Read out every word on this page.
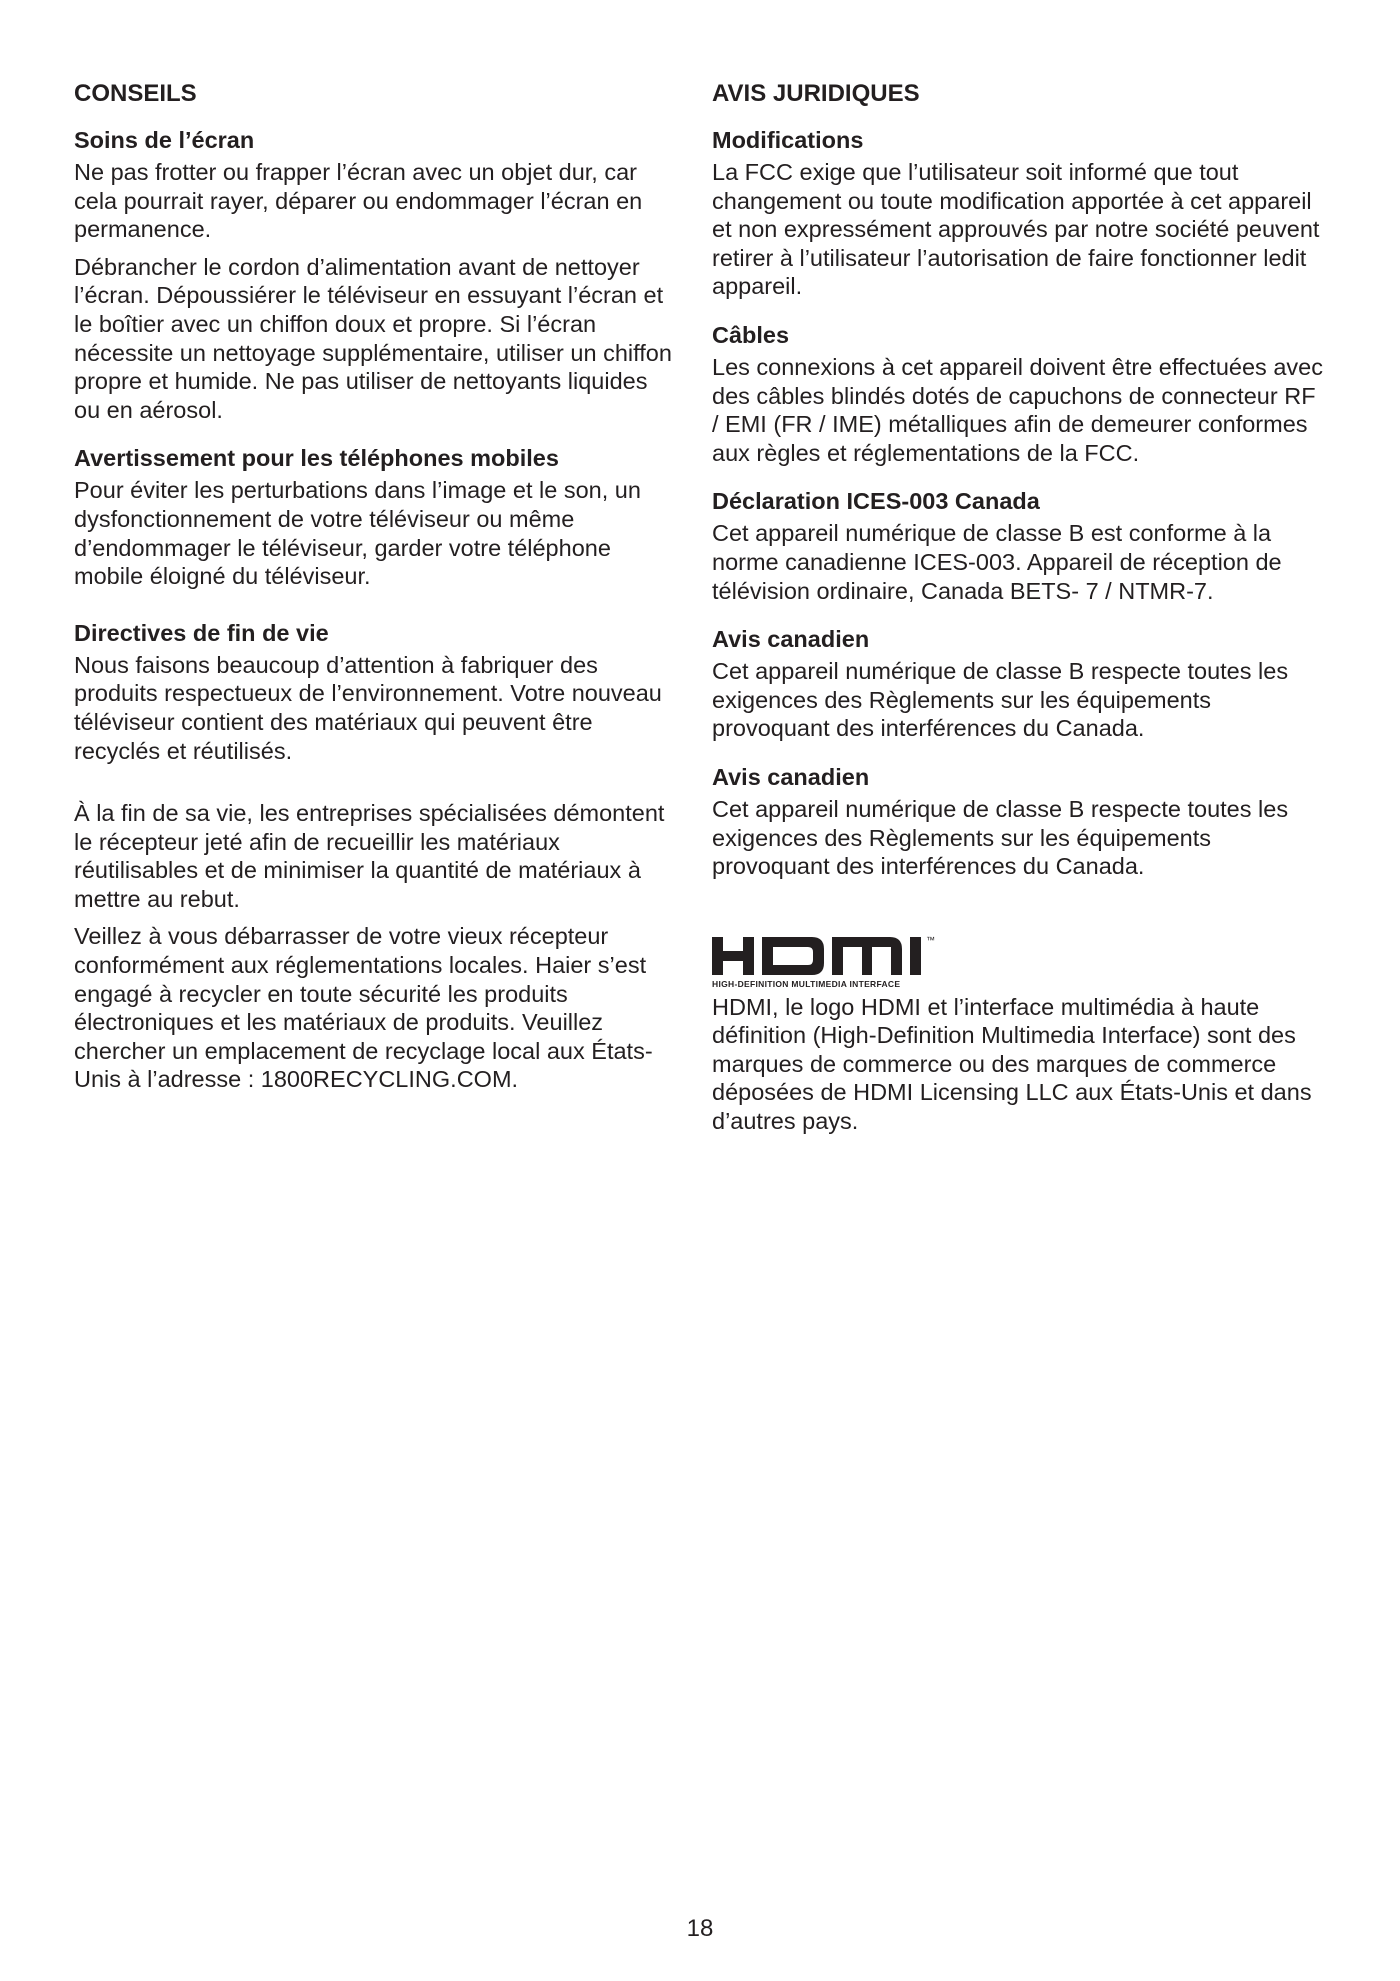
CONSEILS
Soins de l’écran

Ne pas frotter ou frapper l’écran avec un objet dur, car cela pourrait rayer, déparer ou endommager l’écran en permanence.

Débrancher le cordon d’alimentation avant de nettoyer l’écran. Dépoussiérer le téléviseur en essuyant l’écran et le boîtier avec un chiffon doux et propre. Si l’écran nécessite un nettoyage supplémentaire, utiliser un chiffon propre et humide. Ne pas utiliser de nettoyants liquides ou en aérosol.

Avertissement pour les téléphones mobiles

Pour éviter les perturbations dans l’image et le son, un dysfonctionnement de votre téléviseur ou même d’endommager le téléviseur, garder votre téléphone mobile éloigné du téléviseur.

Directives de fin de vie

Nous faisons beaucoup d’attention à fabriquer des produits respectueux de l’environnement. Votre nouveau téléviseur contient des matériaux qui peuvent être recyclés et réutilisés.

À la fin de sa vie, les entreprises spécialisées démontent le récepteur jeté afin de recueillir les matériaux réutilisables et de minimiser la quantité de matériaux à mettre au rebut.

Veillez à vous débarrasser de votre vieux récepteur conformément aux réglementations locales. Haier s’est engagé à recycler en toute sécurité les produits électroniques et les matériaux de produits. Veuillez chercher un emplacement de recyclage local aux États-Unis à l’adresse : 1800RECYCLING.COM.

AVIS JURIDIQUES
Modifications

La FCC exige que l’utilisateur soit informé que tout changement ou toute modification apportée à cet appareil et non expressément approuvés par notre société peuvent retirer à l’utilisateur l’autorisation de faire fonctionner ledit appareil.

Câbles

Les connexions à cet appareil doivent être effectuées avec des câbles blindés dotés de capuchons de connecteur RF / EMI (FR / IME) métalliques afin de demeurer conformes aux règles et réglementations de la FCC.

Déclaration ICES-003 Canada

Cet appareil numérique de classe B est conforme à la norme canadienne ICES-003. Appareil de réception de télévision ordinaire, Canada BETS- 7 / NTMR-7.

Avis canadien

Cet appareil numérique de classe B respecte toutes les exigences des Règlements sur les équipements provoquant des interférences du Canada.

Avis canadien

Cet appareil numérique de classe B respecte toutes les exigences des Règlements sur les équipements provoquant des interférences du Canada.

™
HIGH-DEFINITION MULTIMEDIA INTERFACE

HDMI, le logo HDMI et l’interface multimédia à haute définition (High-Definition Multimedia Interface) sont des marques de commerce ou des marques de commerce déposées de HDMI Licensing LLC aux États-Unis et dans d’autres pays.

18
